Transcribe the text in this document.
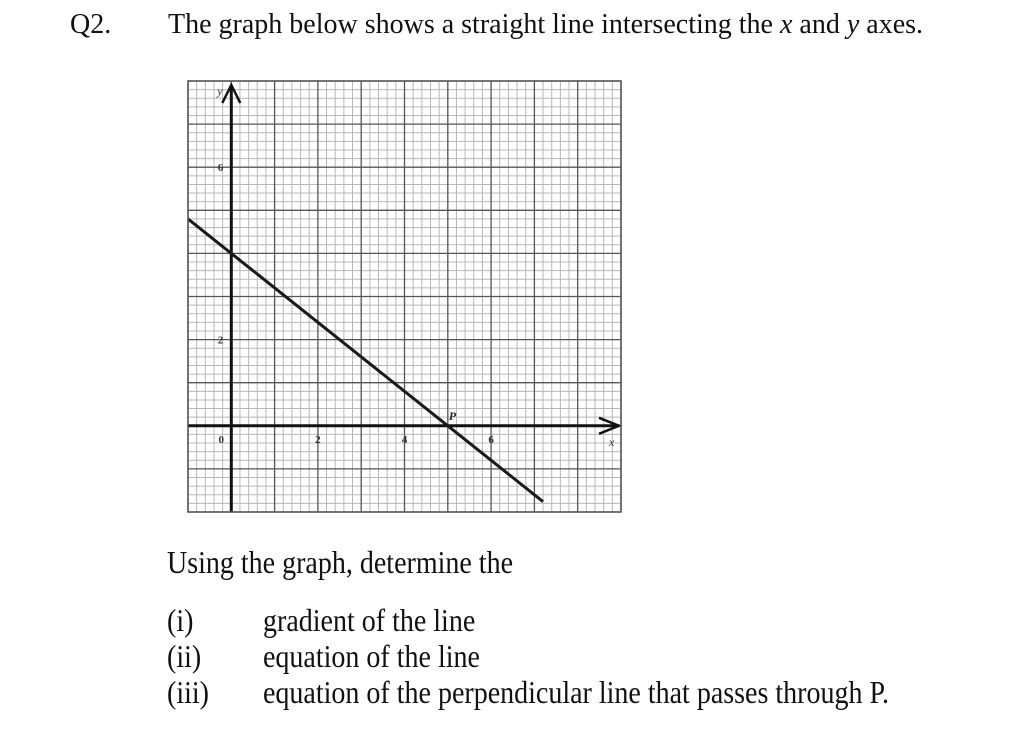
Q2. The graph below shows a straight line intersecting the x and y axes.
0	2	4	6
2
6
y
x
P
Using the graph, determine the
(i) gradient of the line
(ii) equation of the line
(iii) equation of the perpendicular line that passes through P.
